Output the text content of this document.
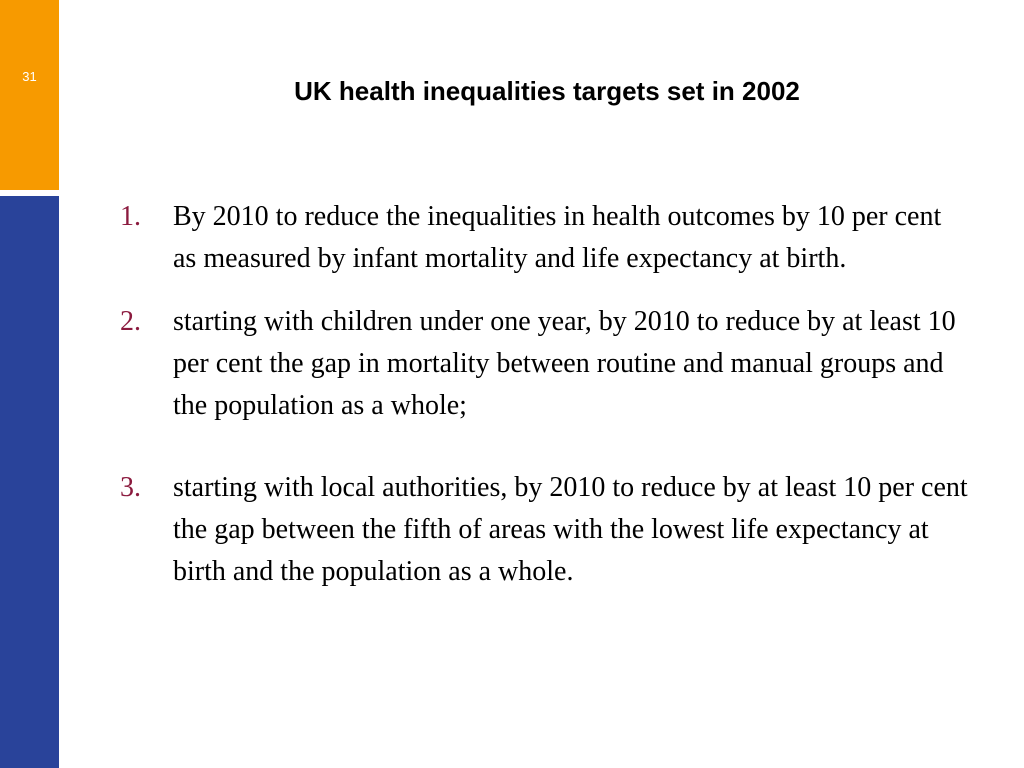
31	UK health inequalities targets set in 2002
1. By 2010 to reduce the inequalities in health outcomes by 10 per cent as measured by infant mortality and life expectancy at birth.
2. starting with children under one year, by 2010 to reduce by at least 10 per cent the gap in mortality between routine and manual groups and the population as a whole;
3. starting with local authorities, by 2010 to reduce by at least 10 per cent the gap between the fifth of areas with the lowest life expectancy at birth and the population as a whole.
